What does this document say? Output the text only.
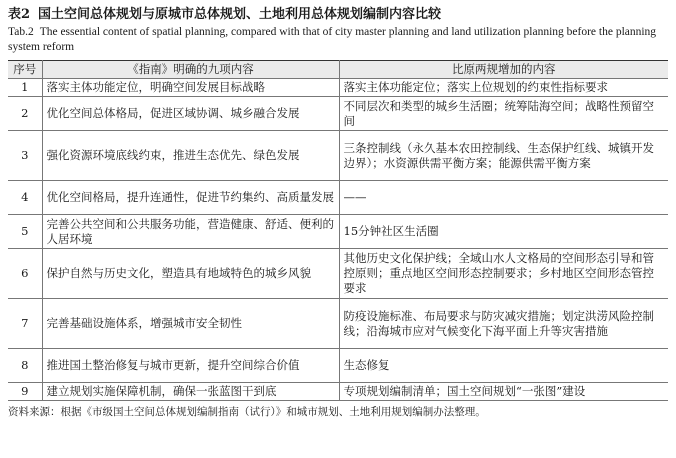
表2 国土空间总体规划与原城市总体规划、土地利用总体规划编制内容比较
Tab.2 The essential content of spatial planning, compared with that of city master planning and land utilization planning before the planning system reform
序号	《指南》明确的九项内容	比原两规增加的内容
1	落实主体功能定位，明确空间发展目标战略	落实主体功能定位；落实上位规划的约束性指标要求
2	优化空间总体格局，促进区域协调、城乡融合发展	不同层次和类型的城乡生活圈；统筹陆海空间；战略性预留空间
3	强化资源环境底线约束，推进生态优先、绿色发展	三条控制线（永久基本农田控制线、生态保护红线、城镇开发边界）；水资源供需平衡方案；能源供需平衡方案
4	优化空间格局，提升连通性，促进节约集约、高质量发展	——
5	完善公共空间和公共服务功能，营造健康、舒适、便利的人居环境	15分钟社区生活圈
6	保护自然与历史文化，塑造具有地域特色的城乡风貌	其他历史文化保护线；全域山水人文格局的空间形态引导和管控原则；重点地区空间形态控制要求；乡村地区空间形态管控要求
7	完善基础设施体系，增强城市安全韧性	防疫设施标准、布局要求与防灾减灾措施；划定洪涝风险控制线；沿海城市应对气候变化下海平面上升等灾害措施
8	推进国土整治修复与城市更新，提升空间综合价值	生态修复
9	建立规划实施保障机制，确保一张蓝图干到底	专项规划编制清单；国土空间规划“一张图”建设
资料来源：根据《市级国土空间总体规划编制指南（试行）》和城市规划、土地利用规划编制办法整理。
